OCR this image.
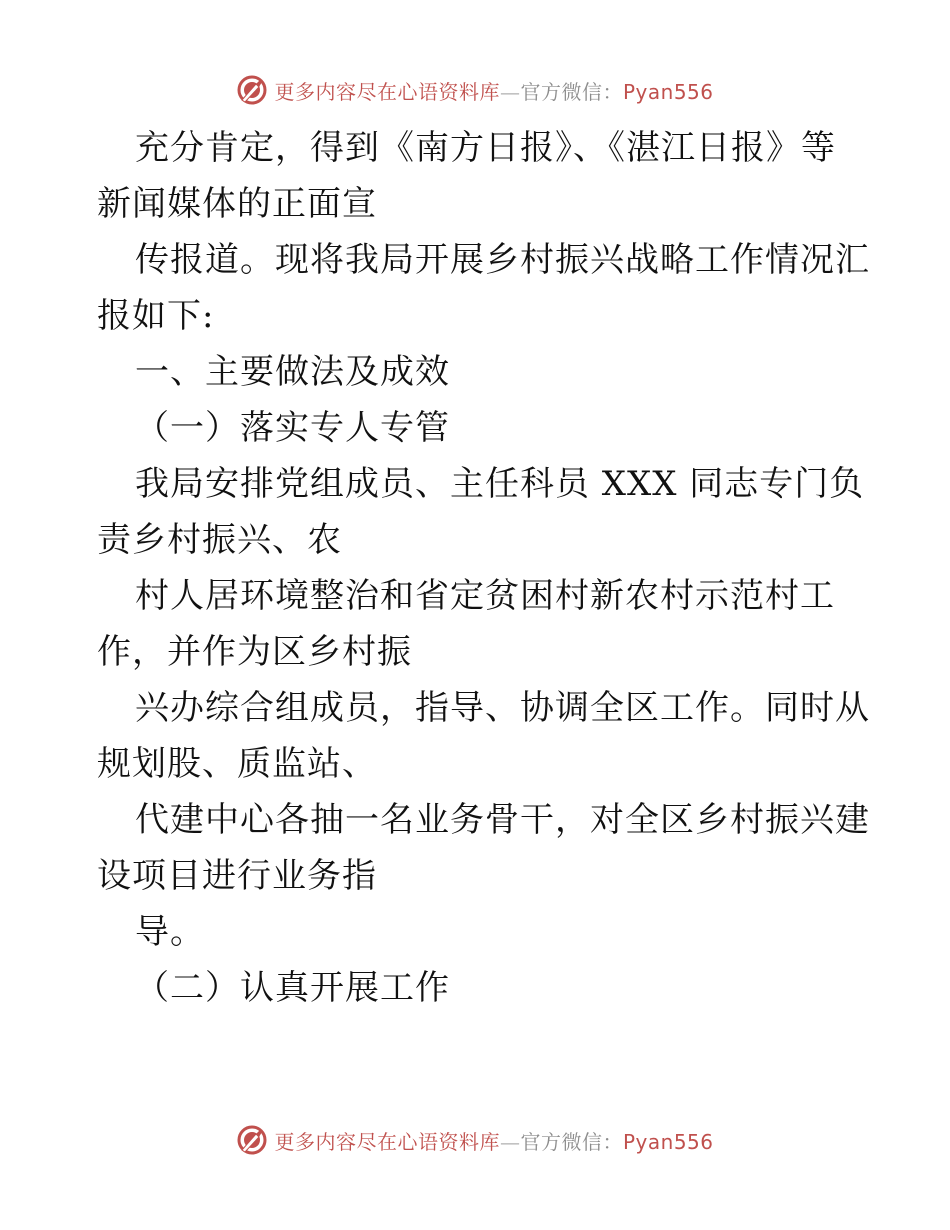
更多内容尽在心语资料库—官方微信：Pyan556
充分肯定，得到《南方日报》、《湛江日报》等
新闻媒体的正面宣
传报道。现将我局开展乡村振兴战略工作情况汇
报如下:
一、主要做法及成效
（一）落实专人专管
我局安排党组成员、主任科员 XXX 同志专门负
责乡村振兴、农
村人居环境整治和省定贫困村新农村示范村工
作，并作为区乡村振
兴办综合组成员，指导、协调全区工作。同时从
规划股、质监站、
代建中心各抽一名业务骨干，对全区乡村振兴建
设项目进行业务指
导。
（二）认真开展工作
更多内容尽在心语资料库—官方微信：Pyan556
